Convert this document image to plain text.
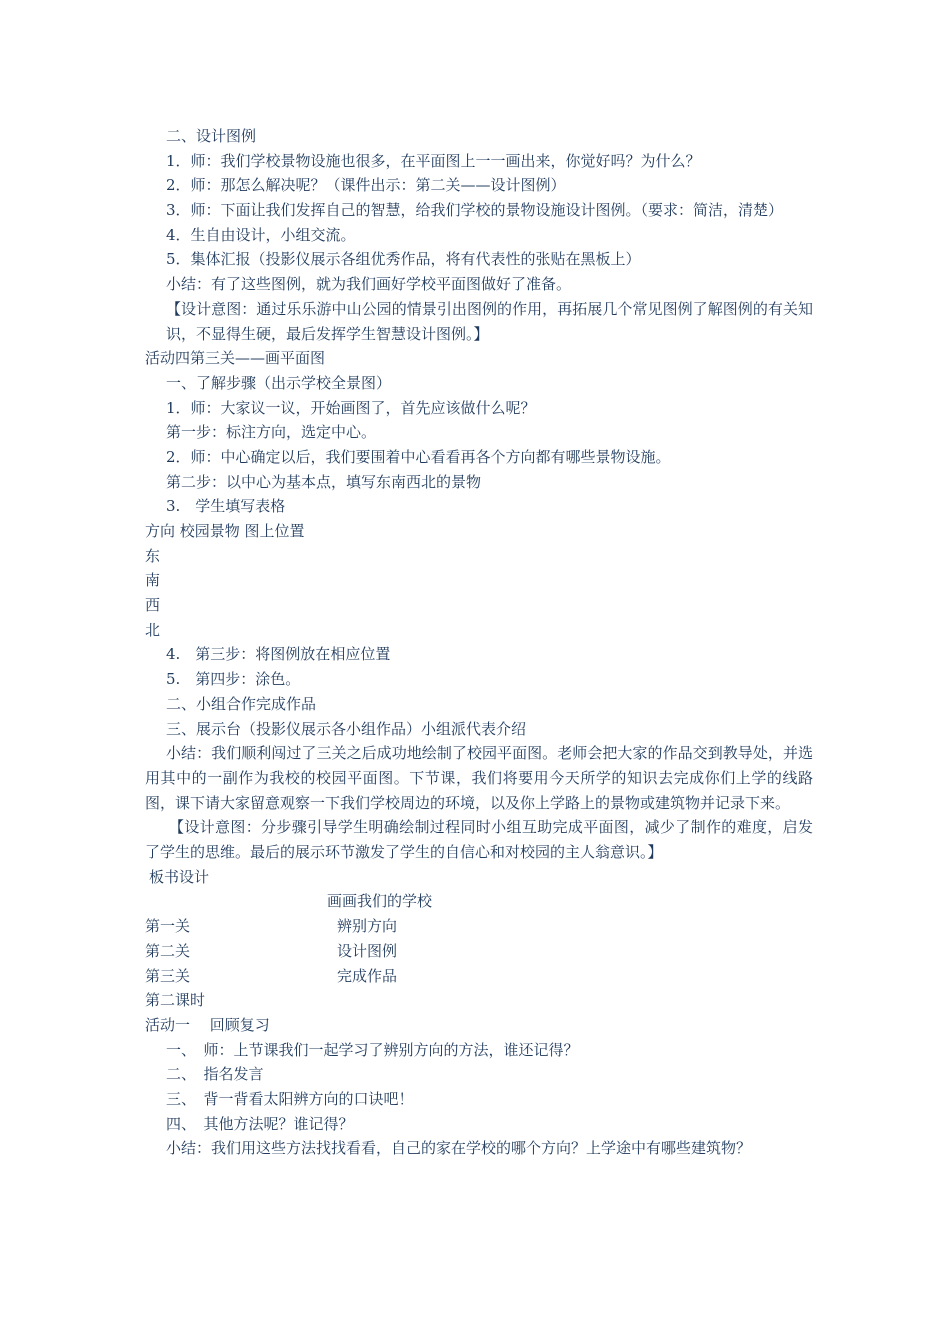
二、设计图例
1．师：我们学校景物设施也很多，在平面图上一一画出来，你觉好吗？为什么？
2．师：那怎么解决呢？（课件出示：第二关——设计图例）
3．师：下面让我们发挥自己的智慧，给我们学校的景物设施设计图例。（要求：简洁，清楚）
4．生自由设计，小组交流。
5．集体汇报（投影仪展示各组优秀作品，将有代表性的张贴在黑板上）
小结：有了这些图例，就为我们画好学校平面图做好了准备。
【设计意图：通过乐乐游中山公园的情景引出图例的作用，再拓展几个常见图例了解图例的有关知识，不显得生硬，最后发挥学生智慧设计图例。】
活动四第三关——画平面图
一、了解步骤（出示学校全景图）
1．师：大家议一议，开始画图了，首先应该做什么呢？
第一步：标注方向，选定中心。
2．师：中心确定以后，我们要围着中心看看再各个方向都有哪些景物设施。
第二步：以中心为基本点，填写东南西北的景物
3.　学生填写表格
方向 校园景物 图上位置
东
南
西
北
4.　第三步：将图例放在相应位置
5.　第四步：涂色。
二、小组合作完成作品
三、展示台（投影仪展示各小组作品）小组派代表介绍
小结：我们顺利闯过了三关之后成功地绘制了校园平面图。老师会把大家的作品交到教导处，并选用其中的一副作为我校的校园平面图。下节课，我们将要用今天所学的知识去完成你们上学的线路图，课下请大家留意观察一下我们学校周边的环境，以及你上学路上的景物或建筑物并记录下来。
【设计意图：分步骤引导学生明确绘制过程同时小组互助完成平面图，减少了制作的难度，启发了学生的思维。最后的展示环节激发了学生的自信心和对校园的主人翁意识。】
板书设计
画画我们的学校
第一关	辨别方向
第二关	设计图例
第三关	完成作品
第二课时
活动一　 回顾复习
一、　师：上节课我们一起学习了辨别方向的方法，谁还记得？
二、　指名发言
三、　背一背看太阳辨方向的口诀吧！
四、　其他方法呢？谁记得？
小结：我们用这些方法找找看看，自己的家在学校的哪个方向？上学途中有哪些建筑物？
